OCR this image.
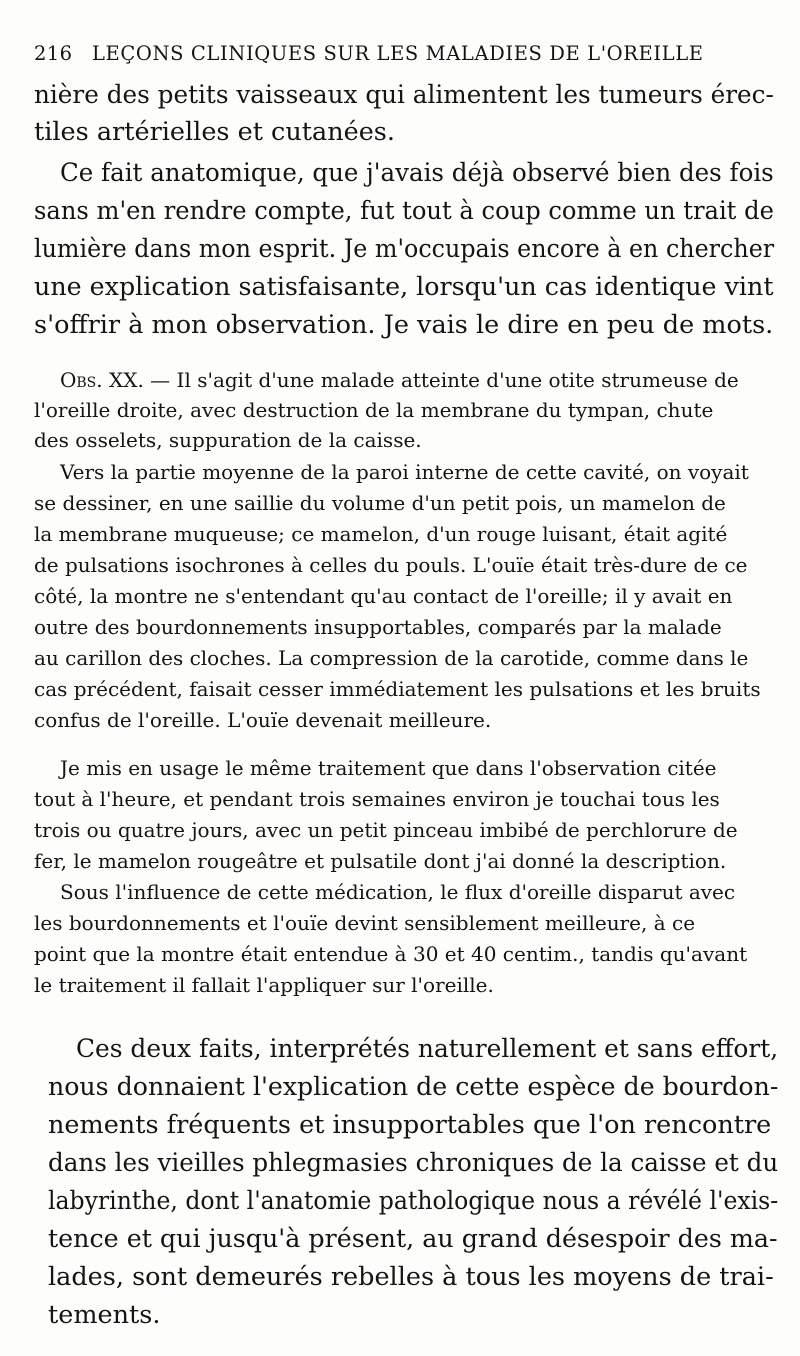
216	LEÇONS CLINIQUES SUR LES MALADIES DE L'OREILLE
nière des petits vaisseaux qui alimentent les tumeurs érec-
tiles artérielles et cutanées.
Ce fait anatomique, que j'avais déjà observé bien des fois
sans m'en rendre compte, fut tout à coup comme un trait de
lumière dans mon esprit. Je m'occupais encore à en chercher
une explication satisfaisante, lorsqu'un cas identique vint
s'offrir à mon observation. Je vais le dire en peu de mots.
Obs. XX. — Il s'agit d'une malade atteinte d'une otite strumeuse de
l'oreille droite, avec destruction de la membrane du tympan, chute
des osselets, suppuration de la caisse.
Vers la partie moyenne de la paroi interne de cette cavité, on voyait
se dessiner, en une saillie du volume d'un petit pois, un mamelon de
la membrane muqueuse; ce mamelon, d'un rouge luisant, était agité
de pulsations isochrones à celles du pouls. L'ouïe était très-dure de ce
côté, la montre ne s'entendant qu'au contact de l'oreille; il y avait en
outre des bourdonnements insupportables, comparés par la malade
au carillon des cloches. La compression de la carotide, comme dans le
cas précédent, faisait cesser immédiatement les pulsations et les bruits
confus de l'oreille. L'ouïe devenait meilleure.
Je mis en usage le même traitement que dans l'observation citée
tout à l'heure, et pendant trois semaines environ je touchai tous les
trois ou quatre jours, avec un petit pinceau imbibé de perchlorure de
fer, le mamelon rougeâtre et pulsatile dont j'ai donné la description.
Sous l'influence de cette médication, le flux d'oreille disparut avec
les bourdonnements et l'ouïe devint sensiblement meilleure, à ce
point que la montre était entendue à 30 et 40 centim., tandis qu'avant
le traitement il fallait l'appliquer sur l'oreille.
Ces deux faits, interprétés naturellement et sans effort,
nous donnaient l'explication de cette espèce de bourdon-
nements fréquents et insupportables que l'on rencontre
dans les vieilles phlegmasies chroniques de la caisse et du
labyrinthe, dont l'anatomie pathologique nous a révélé l'exis-
tence et qui jusqu'à présent, au grand désespoir des ma-
lades, sont demeurés rebelles à tous les moyens de trai-
tements.
